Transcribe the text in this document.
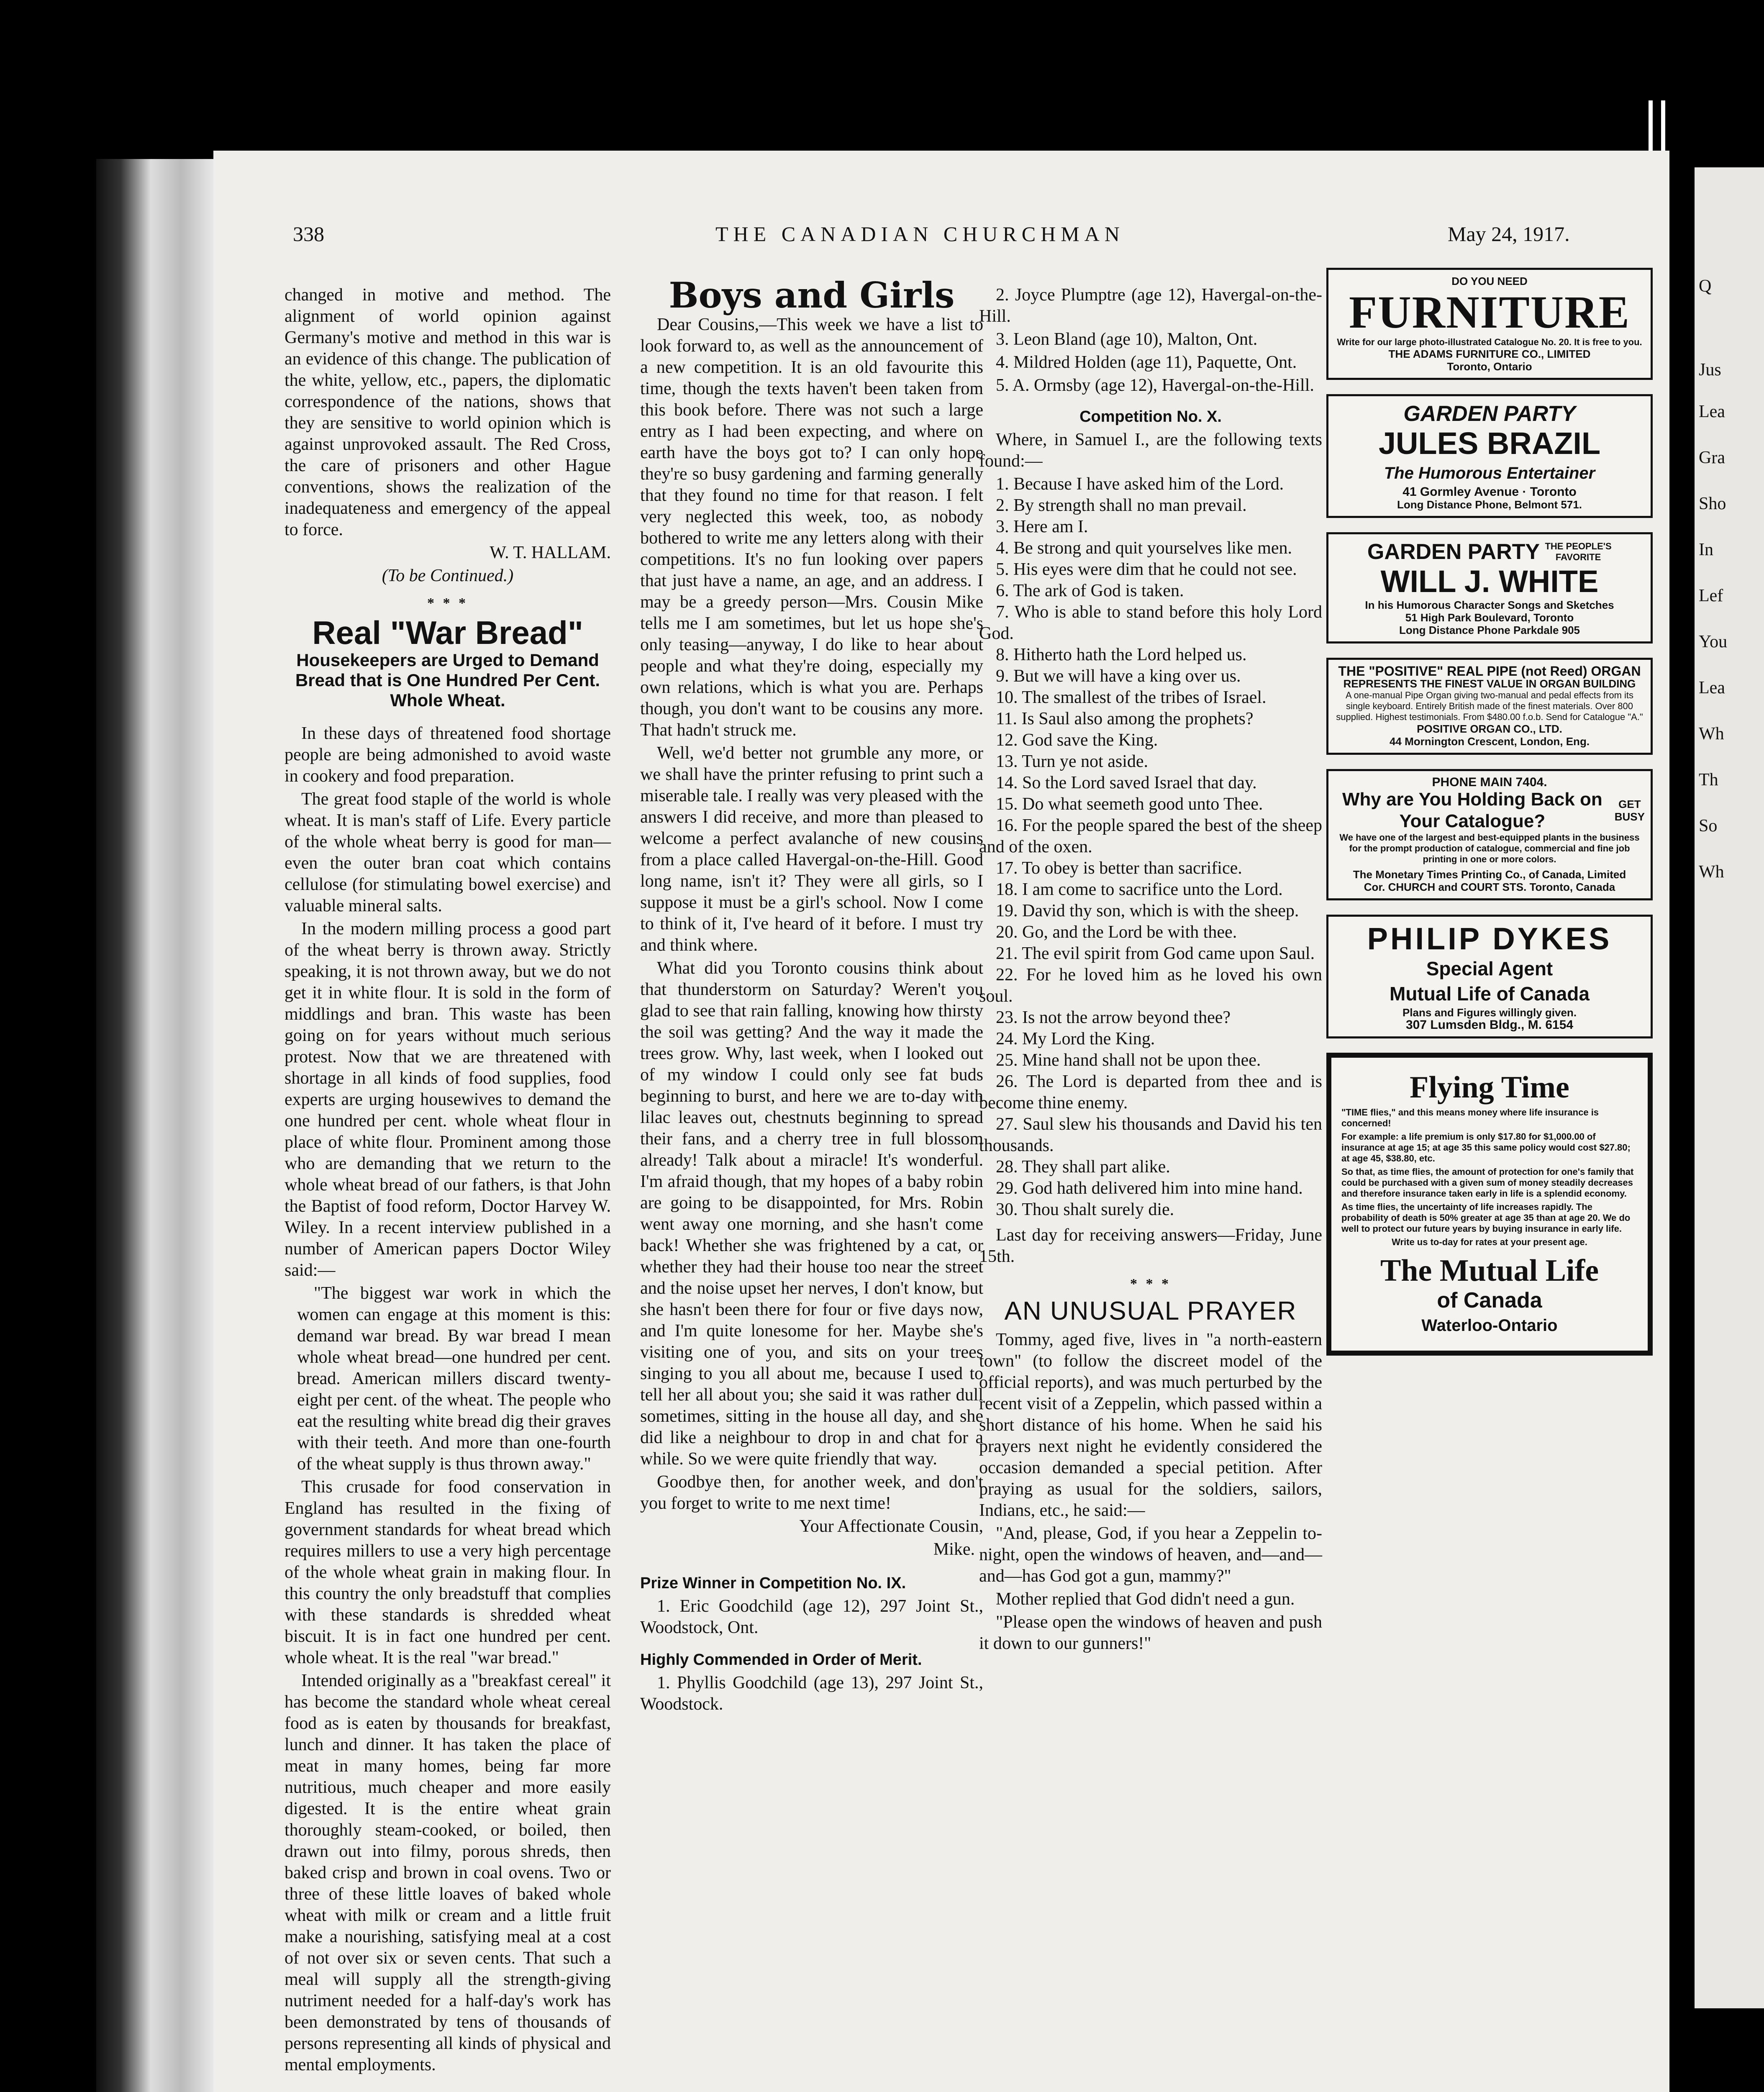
Q
Jus
Lea
Gra
Sho
In
Lef
You
Lea
Wh
Th
So
Wh
338	THE CANADIAN CHURCHMAN	May 24, 1917.

changed in motive and method. The alignment of world opinion against Germany's motive and method in this war is an evidence of this change. The publication of the white, yellow, etc., papers, the diplomatic correspondence of the nations, shows that they are sensitive to world opinion which is against unprovoked assault. The Red Cross, the care of prisoners and other Hague conventions, shows the realization of the inadequateness and emergency of the appeal to force.

W. T. HALLAM.

(To be Continued.)

* * *
Real "War Bread"
Housekeepers are Urged to Demand Bread that is One Hundred Per Cent. Whole Wheat.

In these days of threatened food shortage people are being admonished to avoid waste in cookery and food preparation.

The great food staple of the world is whole wheat. It is man's staff of Life. Every particle of the whole wheat berry is good for man—even the outer bran coat which contains cellulose (for stimulating bowel exercise) and valuable mineral salts.

In the modern milling process a good part of the wheat berry is thrown away. Strictly speaking, it is not thrown away, but we do not get it in white flour. It is sold in the form of middlings and bran. This waste has been going on for years without much serious protest. Now that we are threatened with shortage in all kinds of food supplies, food experts are urging housewives to demand the one hundred per cent. whole wheat flour in place of white flour. Prominent among those who are demanding that we return to the whole wheat bread of our fathers, is that John the Baptist of food reform, Doctor Harvey W. Wiley. In a recent interview published in a number of American papers Doctor Wiley said:—

"The biggest war work in which the women can engage at this moment is this: demand war bread. By war bread I mean whole wheat bread—one hundred per cent. bread. American millers discard twenty-eight per cent. of the wheat. The people who eat the resulting white bread dig their graves with their teeth. And more than one-fourth of the wheat supply is thus thrown away."

This crusade for food conservation in England has resulted in the fixing of government standards for wheat bread which requires millers to use a very high percentage of the whole wheat grain in making flour. In this country the only breadstuff that complies with these standards is shredded wheat biscuit. It is in fact one hundred per cent. whole wheat. It is the real "war bread."

Intended originally as a "breakfast cereal" it has become the standard whole wheat cereal food as is eaten by thousands for breakfast, lunch and dinner. It has taken the place of meat in many homes, being far more nutritious, much cheaper and more easily digested. It is the entire wheat grain thoroughly steam-cooked, or boiled, then drawn out into filmy, porous shreds, then baked crisp and brown in coal ovens. Two or three of these little loaves of baked whole wheat with milk or cream and a little fruit make a nourishing, satisfying meal at a cost of not over six or seven cents. That such a meal will supply all the strength-giving nutriment needed for a half-day's work has been demonstrated by tens of thousands of persons representing all kinds of physical and mental employments.

Boys and Girls

Dear Cousins,—This week we have a list to look forward to, as well as the announcement of a new competition. It is an old favourite this time, though the texts haven't been taken from this book before. There was not such a large entry as I had been expecting, and where on earth have the boys got to? I can only hope they're so busy gardening and farming generally that they found no time for that reason. I felt very neglected this week, too, as nobody bothered to write me any letters along with their competitions. It's no fun looking over papers that just have a name, an age, and an address. I may be a greedy person—Mrs. Cousin Mike tells me I am sometimes, but let us hope she's only teasing—anyway, I do like to hear about people and what they're doing, especially my own relations, which is what you are. Perhaps though, you don't want to be cousins any more. That hadn't struck me.

Well, we'd better not grumble any more, or we shall have the printer refusing to print such a miserable tale. I really was very pleased with the answers I did receive, and more than pleased to welcome a perfect avalanche of new cousins from a place called Havergal-on-the-Hill. Good long name, isn't it? They were all girls, so I suppose it must be a girl's school. Now I come to think of it, I've heard of it before. I must try and think where.

What did you Toronto cousins think about that thunderstorm on Saturday? Weren't you glad to see that rain falling, knowing how thirsty the soil was getting? And the way it made the trees grow. Why, last week, when I looked out of my window I could only see fat buds beginning to burst, and here we are to-day with lilac leaves out, chestnuts beginning to spread their fans, and a cherry tree in full blossom already! Talk about a miracle! It's wonderful. I'm afraid though, that my hopes of a baby robin are going to be disappointed, for Mrs. Robin went away one morning, and she hasn't come back! Whether she was frightened by a cat, or whether they had their house too near the street and the noise upset her nerves, I don't know, but she hasn't been there for four or five days now, and I'm quite lonesome for her. Maybe she's visiting one of you, and sits on your trees singing to you all about me, because I used to tell her all about you; she said it was rather dull sometimes, sitting in the house all day, and she did like a neighbour to drop in and chat for a while. So we were quite friendly that way.

Goodbye then, for another week, and don't you forget to write to me next time!

Your Affectionate Cousin,

Mike.

Prize Winner in Competition No. IX.

1. Eric Goodchild (age 12), 297 Joint St., Woodstock, Ont.

Highly Commended in Order of Merit.

1. Phyllis Goodchild (age 13), 297 Joint St., Woodstock.

2. Joyce Plumptre (age 12), Havergal-on-the-Hill.

3. Leon Bland (age 10), Malton, Ont.

4. Mildred Holden (age 11), Paquette, Ont.

5. A. Ormsby (age 12), Havergal-on-the-Hill.

Competition No. X.

Where, in Samuel I., are the following texts found:—

1. Because I have asked him of the Lord.
2. By strength shall no man prevail.
3. Here am I.
4. Be strong and quit yourselves like men.
5. His eyes were dim that he could not see.
6. The ark of God is taken.
7. Who is able to stand before this holy Lord God.
8. Hitherto hath the Lord helped us.
9. But we will have a king over us.
10. The smallest of the tribes of Israel.
11. Is Saul also among the prophets?
12. God save the King.
13. Turn ye not aside.
14. So the Lord saved Israel that day.
15. Do what seemeth good unto Thee.
16. For the people spared the best of the sheep and of the oxen.
17. To obey is better than sacrifice.
18. I am come to sacrifice unto the Lord.
19. David thy son, which is with the sheep.
20. Go, and the Lord be with thee.
21. The evil spirit from God came upon Saul.
22. For he loved him as he loved his own soul.
23. Is not the arrow beyond thee?
24. My Lord the King.
25. Mine hand shall not be upon thee.
26. The Lord is departed from thee and is become thine enemy.
27. Saul slew his thousands and David his ten thousands.
28. They shall part alike.
29. God hath delivered him into mine hand.
30. Thou shalt surely die.

Last day for receiving answers—Friday, June 15th.

* * *
AN UNUSUAL PRAYER

Tommy, aged five, lives in "a north-eastern town" (to follow the discreet model of the official reports), and was much perturbed by the recent visit of a Zeppelin, which passed within a short distance of his home. When he said his prayers next night he evidently considered the occasion demanded a special petition. After praying as usual for the soldiers, sailors, Indians, etc., he said:—

"And, please, God, if you hear a Zeppelin to-night, open the windows of heaven, and—and—and—has God got a gun, mammy?"

Mother replied that God didn't need a gun.

"Please open the windows of heaven and push it down to our gunners!"

DO YOU NEED
FURNITURE
Write for our large photo-illustrated Catalogue No. 20. It is free to you.
THE ADAMS FURNITURE CO., LIMITED
Toronto, Ontario
GARDEN PARTY
JULES BRAZIL
The Humorous Entertainer
41 Gormley Avenue · Toronto
Long Distance Phone, Belmont 571.
GARDEN PARTY THE PEOPLE'S FAVORITE
WILL J. WHITE
In his Humorous Character Songs and Sketches
51 High Park Boulevard, Toronto
Long Distance Phone Parkdale 905
THE "POSITIVE" REAL PIPE (not Reed) ORGAN
REPRESENTS THE FINEST VALUE IN ORGAN BUILDING
A one-manual Pipe Organ giving two-manual and pedal effects from its single keyboard. Entirely British made of the finest materials. Over 800 supplied. Highest testimonials. From $480.00 f.o.b. Send for Catalogue "A."
POSITIVE ORGAN CO., LTD.
44 Mornington Crescent, London, Eng.
PHONE MAIN 7404.
Why are You Holding Back on Your Catalogue?
GET BUSY
We have one of the largest and best-equipped plants in the business for the prompt production of catalogue, commercial and fine job printing in one or more colors.
The Monetary Times Printing Co., of Canada, Limited
Cor. CHURCH and COURT STS. Toronto, Canada
PHILIP DYKES
Special Agent
Mutual Life of Canada
Plans and Figures willingly given.
307 Lumsden Bldg., M. 6154
Flying Time
"TIME flies," and this means money where life insurance is concerned!
For example: a life premium is only $17.80 for $1,000.00 of insurance at age 15; at age 35 this same policy would cost $27.80; at age 45, $38.80, etc.
So that, as time flies, the amount of protection for one's family that could be purchased with a given sum of money steadily decreases and therefore insurance taken early in life is a splendid economy.
As time flies, the uncertainty of life increases rapidly. The probability of death is 50% greater at age 35 than at age 20. We do well to protect our future years by buying insurance in early life.
Write us to-day for rates at your present age.
The Mutual Life
of Canada
Waterloo-Ontario
